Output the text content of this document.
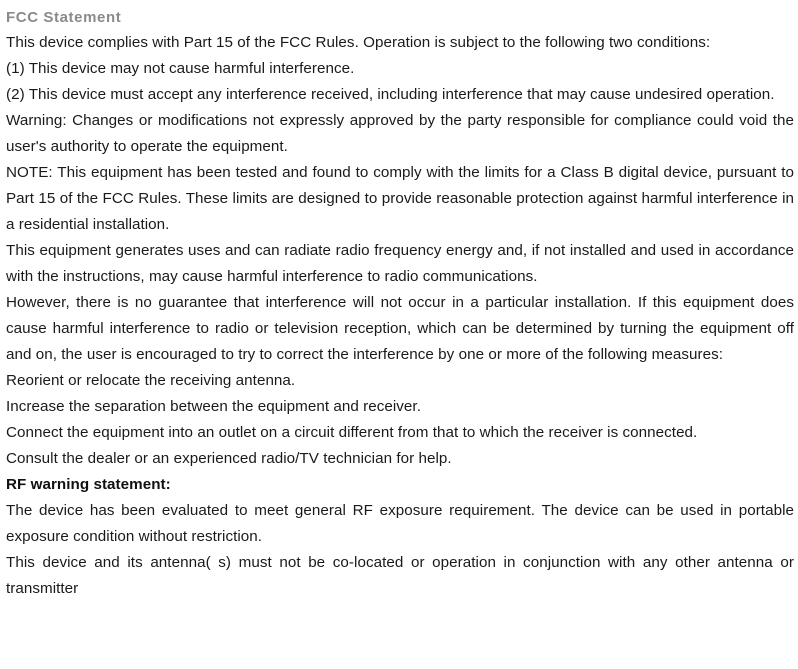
FCC Statement

This device complies with Part 15 of the FCC Rules. Operation is subject to the following two conditions:

(1) This device may not cause harmful interference.

(2) This device must accept any interference received, including interference that may cause undesired operation.

Warning: Changes or modifications not expressly approved by the party responsible for compliance could void the user's authority to operate the equipment.

NOTE: This equipment has been tested and found to comply with the limits for a Class B digital device, pursuant to Part 15 of the FCC Rules. These limits are designed to provide reasonable protection against harmful interference in a residential installation.

This equipment generates uses and can radiate radio frequency energy and, if not installed and used in accordance with the instructions, may cause harmful interference to radio communications.

However, there is no guarantee that interference will not occur in a particular installation. If this equipment does cause harmful interference to radio or television reception, which can be determined by turning the equipment off and on, the user is encouraged to try to correct the interference by one or more of the following measures:

Reorient or relocate the receiving antenna.

Increase the separation between the equipment and receiver.

Connect the equipment into an outlet on a circuit different from that to which the receiver is connected.

Consult the dealer or an experienced radio/TV technician for help.

RF warning statement:

The device has been evaluated to meet general RF exposure requirement. The device can be used in portable exposure condition without restriction.

This device and its antenna( s) must not be co-located or operation in conjunction with any other antenna or transmitter
